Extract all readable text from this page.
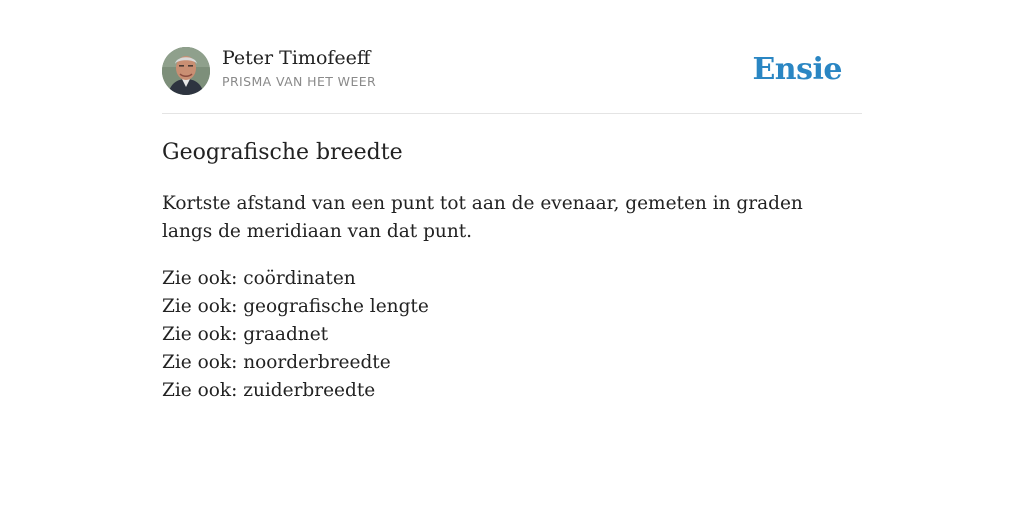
Peter Timofeeff
PRISMA VAN HET WEER	Ensie
Geografische breedte

Kortste afstand van een punt tot aan de evenaar, gemeten in graden langs de meridiaan van dat punt.

Zie ook: coördinaten
Zie ook: geografische lengte
Zie ook: graadnet
Zie ook: noorderbreedte
Zie ook: zuiderbreedte
